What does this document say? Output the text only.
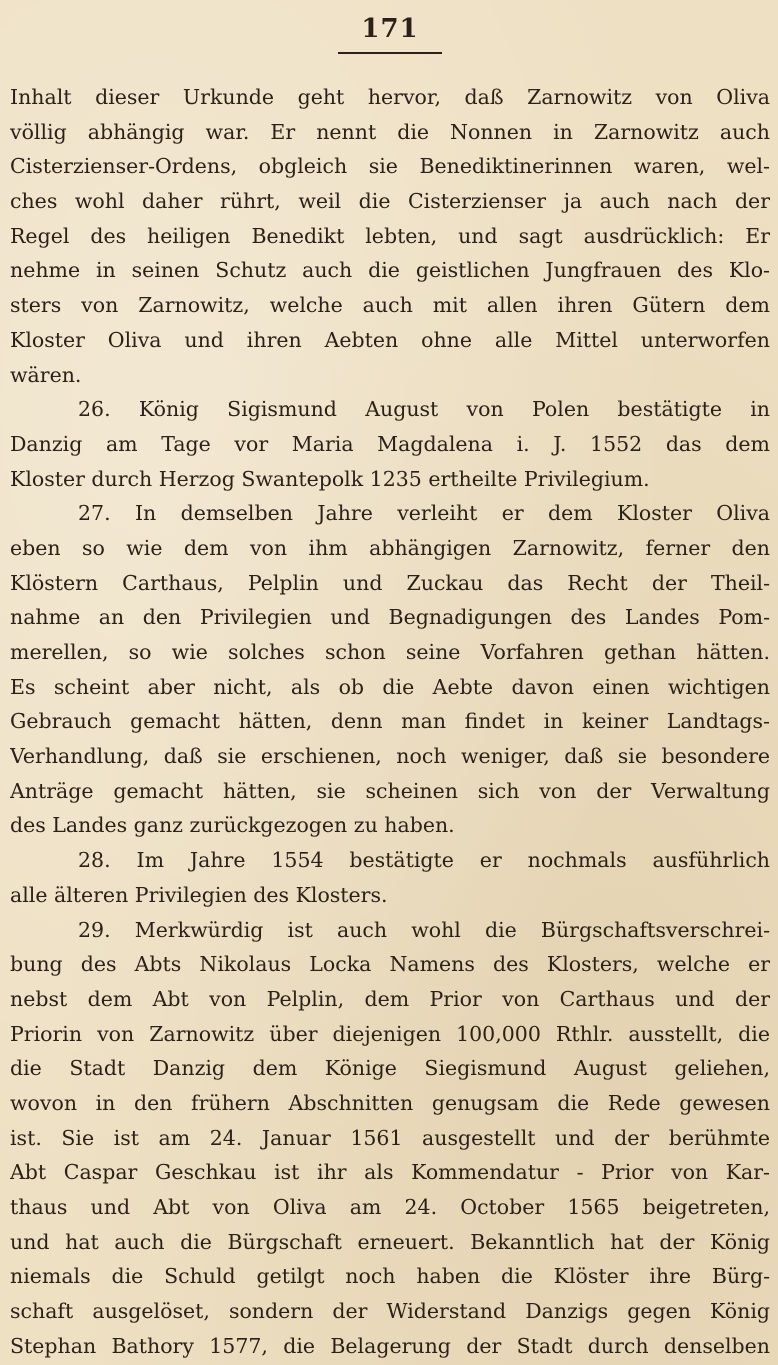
171
Inhalt dieser Urkunde geht hervor, daß Zarnowitz von Oliva
völlig abhängig war. Er nennt die Nonnen in Zarnowitz auch
Cisterzienser-Ordens, obgleich sie Benediktinerinnen waren, wel-
ches wohl daher rührt, weil die Cisterzienser ja auch nach der
Regel des heiligen Benedikt lebten, und sagt ausdrücklich: Er
nehme in seinen Schutz auch die geistlichen Jungfrauen des Klo-
sters von Zarnowitz, welche auch mit allen ihren Gütern dem
Kloster Oliva und ihren Aebten ohne alle Mittel unterworfen
wären.
26. König Sigismund August von Polen bestätigte in
Danzig am Tage vor Maria Magdalena i. J. 1552 das dem
Kloster durch Herzog Swantepolk 1235 ertheilte Privilegium.
27. In demselben Jahre verleiht er dem Kloster Oliva
eben so wie dem von ihm abhängigen Zarnowitz, ferner den
Klöstern Carthaus, Pelplin und Zuckau das Recht der Theil-
nahme an den Privilegien und Begnadigungen des Landes Pom-
merellen, so wie solches schon seine Vorfahren gethan hätten.
Es scheint aber nicht, als ob die Aebte davon einen wichtigen
Gebrauch gemacht hätten, denn man findet in keiner Landtags-
Verhandlung, daß sie erschienen, noch weniger, daß sie besondere
Anträge gemacht hätten, sie scheinen sich von der Verwaltung
des Landes ganz zurückgezogen zu haben.
28. Im Jahre 1554 bestätigte er nochmals ausführlich
alle älteren Privilegien des Klosters.
29. Merkwürdig ist auch wohl die Bürgschaftsverschrei-
bung des Abts Nikolaus Locka Namens des Klosters, welche er
nebst dem Abt von Pelplin, dem Prior von Carthaus und der
Priorin von Zarnowitz über diejenigen 100,000 Rthlr. ausstellt, die
die Stadt Danzig dem Könige Siegismund August geliehen,
wovon in den frühern Abschnitten genugsam die Rede gewesen
ist. Sie ist am 24. Januar 1561 ausgestellt und der berühmte
Abt Caspar Geschkau ist ihr als Kommendatur - Prior von Kar-
thaus und Abt von Oliva am 24. October 1565 beigetreten,
und hat auch die Bürgschaft erneuert. Bekanntlich hat der König
niemals die Schuld getilgt noch haben die Klöster ihre Bürg-
schaft ausgelöset, sondern der Widerstand Danzigs gegen König
Stephan Bathory 1577, die Belagerung der Stadt durch denselben
